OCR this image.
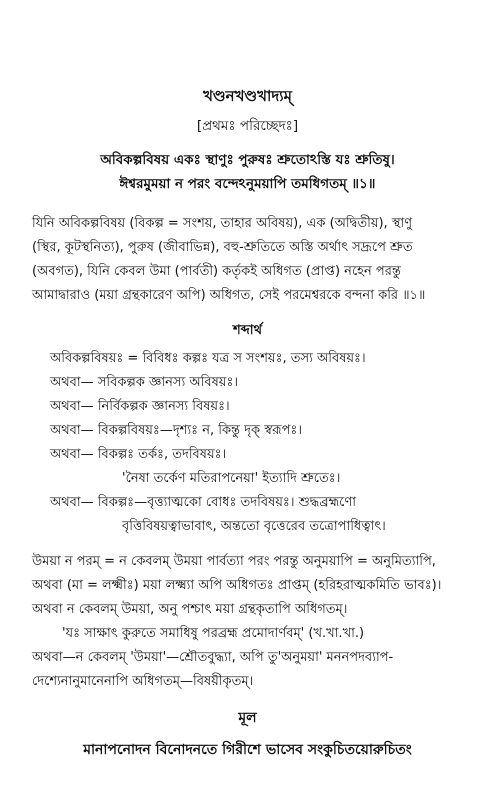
খণ্ডনখণ্ডখাদ্যম্
[প্রথমঃ পরিচ্ছেদঃ]
অবিকল্পবিষয় একঃ স্থাণুঃ পুরুষঃ শ্রুতোঽস্তি যঃ শ্রুতিষু।
ঈশ্বরমুময়া ন পরং বন্দেঽনুময়াপি তমধিগতম্ ॥১॥
যিনি অবিকল্পবিষয় (বিকল্প = সংশয়, তাহার অবিষয়), এক (অদ্বিতীয়), স্থাণু
(স্থির, কূটস্থনিত্য), পুরুষ (জীবাভিন্ন), বহু-শ্রুতিতে অস্তি অর্থাৎ সদ্রূপে শ্রুত
(অবগত), যিনি কেবল উমা (পার্বতী) কর্তৃকই অধিগত (প্রাপ্ত) নহেন পরন্তু
আমাদ্বারাও (ময়া গ্রন্থকারেণ অপি) অধিগত, সেই পরমেশ্বরকে বন্দনা করি ॥১॥
শব্দার্থ
অবিকল্পবিষয়ঃ = বিবিধঃ কল্পঃ যত্র স সংশয়ঃ, তস্য অবিষয়ঃ।
অথবা— সবিকল্পক জ্ঞানস্য অবিষয়ঃ।
অথবা— নির্বিকল্পক জ্ঞানস্য বিষয়ঃ।
অথবা— বিকল্পবিষয়ঃ—দৃশ্যঃ ন, কিন্তু দৃক্ স্বরূপঃ।
অথবা— বিকল্পঃ তর্কঃ, তদবিষয়ঃ।
'নৈষা তর্কেণ মতিরাপনেয়া' ইত্যাদি শ্রুতেঃ।
অথবা— বিকল্পঃ—বৃত্ত্যাত্মকো বোধঃ তদবিষয়ঃ। শুদ্ধব্রহ্মণো
বৃত্তিবিষয়ত্বাভাবাৎ, অন্ততো বৃত্তেরেব তত্রোপাধিত্বাৎ।
উময়া ন পরম্ = ন কেবলম্ উময়া পার্বত্যা পরং পরন্তু অনুময়াপি = অনুমিত্যাপি,
অথবা (মা = লক্ষ্মীঃ) ময়া লক্ষ্ম্যা অপি অধিগতঃ প্রাপ্তম্ (হরিহরাত্মকমিতি ভাবঃ)।
অথবা ন কেবলম্ উময়া, অনু পশ্চাৎ ময়া গ্রন্থকৃতাপি অধিগতম্।
'যঃ সাক্ষাৎ কুরুতে সমাধিষু পরব্রহ্ম প্রমোদার্ণবম্' (খ.খা.খা.)
অথবা—ন কেবলম্ 'উময়া'—শ্রৌতবুদ্ধ্যা, অপি তু'অনুময়া' মননপদব্যাপ-
দেশ্যেনানুমানেনাপি অধিগতম্—বিষয়ীকৃতম্।
মূল
মানাপনোদন বিনোদনতে গিরীশে ভাসেব সংকুচিতয়োরুচিতং
